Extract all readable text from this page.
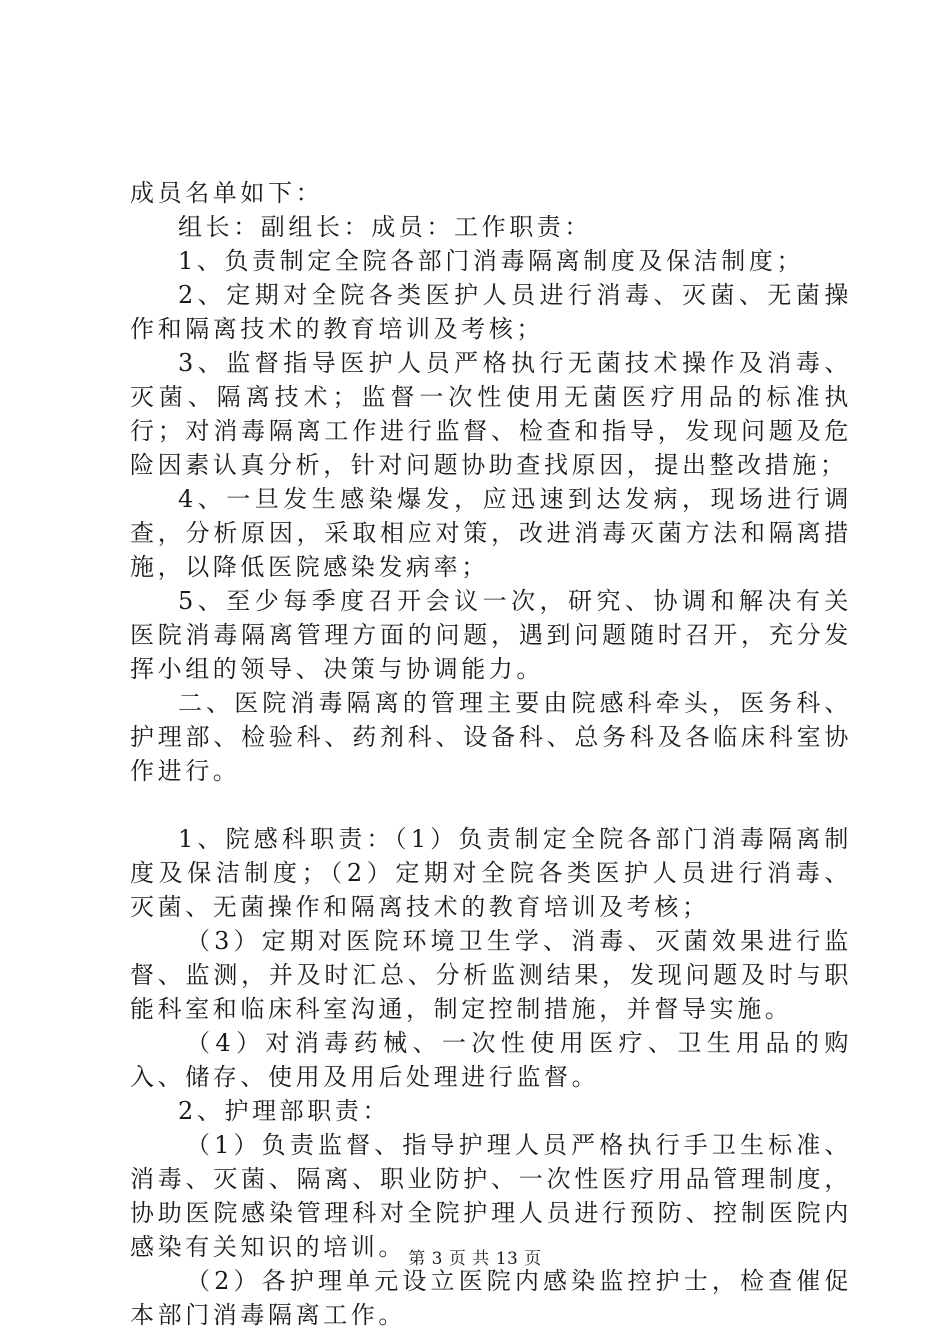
成员名单如下：

组长：副组长：成员：工作职责：

1、负责制定全院各部门消毒隔离制度及保洁制度；

2、定期对全院各类医护人员进行消毒、灭菌、无菌操作和隔离技术的教育培训及考核；

3、监督指导医护人员严格执行无菌技术操作及消毒、灭菌、隔离技术；监督一次性使用无菌医疗用品的标准执行；对消毒隔离工作进行监督、检查和指导，发现问题及危险因素认真分析，针对问题协助查找原因，提出整改措施；

4、一旦发生感染爆发，应迅速到达发病，现场进行调查，分析原因，采取相应对策，改进消毒灭菌方法和隔离措施，以降低医院感染发病率；

5、至少每季度召开会议一次，研究、协调和解决有关医院消毒隔离管理方面的问题，遇到问题随时召开，充分发挥小组的领导、决策与协调能力。

二、医院消毒隔离的管理主要由院感科牵头，医务科、护理部、检验科、药剂科、设备科、总务科及各临床科室协作进行。

1、院感科职责：（1）负责制定全院各部门消毒隔离制度及保洁制度；（2）定期对全院各类医护人员进行消毒、灭菌、无菌操作和隔离技术的教育培训及考核；

（3）定期对医院环境卫生学、消毒、灭菌效果进行监督、监测，并及时汇总、分析监测结果，发现问题及时与职能科室和临床科室沟通，制定控制措施，并督导实施。

（4）对消毒药械、一次性使用医疗、卫生用品的购入、储存、使用及用后处理进行监督。

2、护理部职责：

（1）负责监督、指导护理人员严格执行手卫生标准、消毒、灭菌、隔离、职业防护、一次性医疗用品管理制度，协助医院感染管理科对全院护理人员进行预防、控制医院内感染有关知识的培训。

（2）各护理单元设立医院内感染监控护士，检查催促本部门消毒隔离工作。

第 3 页 共 13 页
